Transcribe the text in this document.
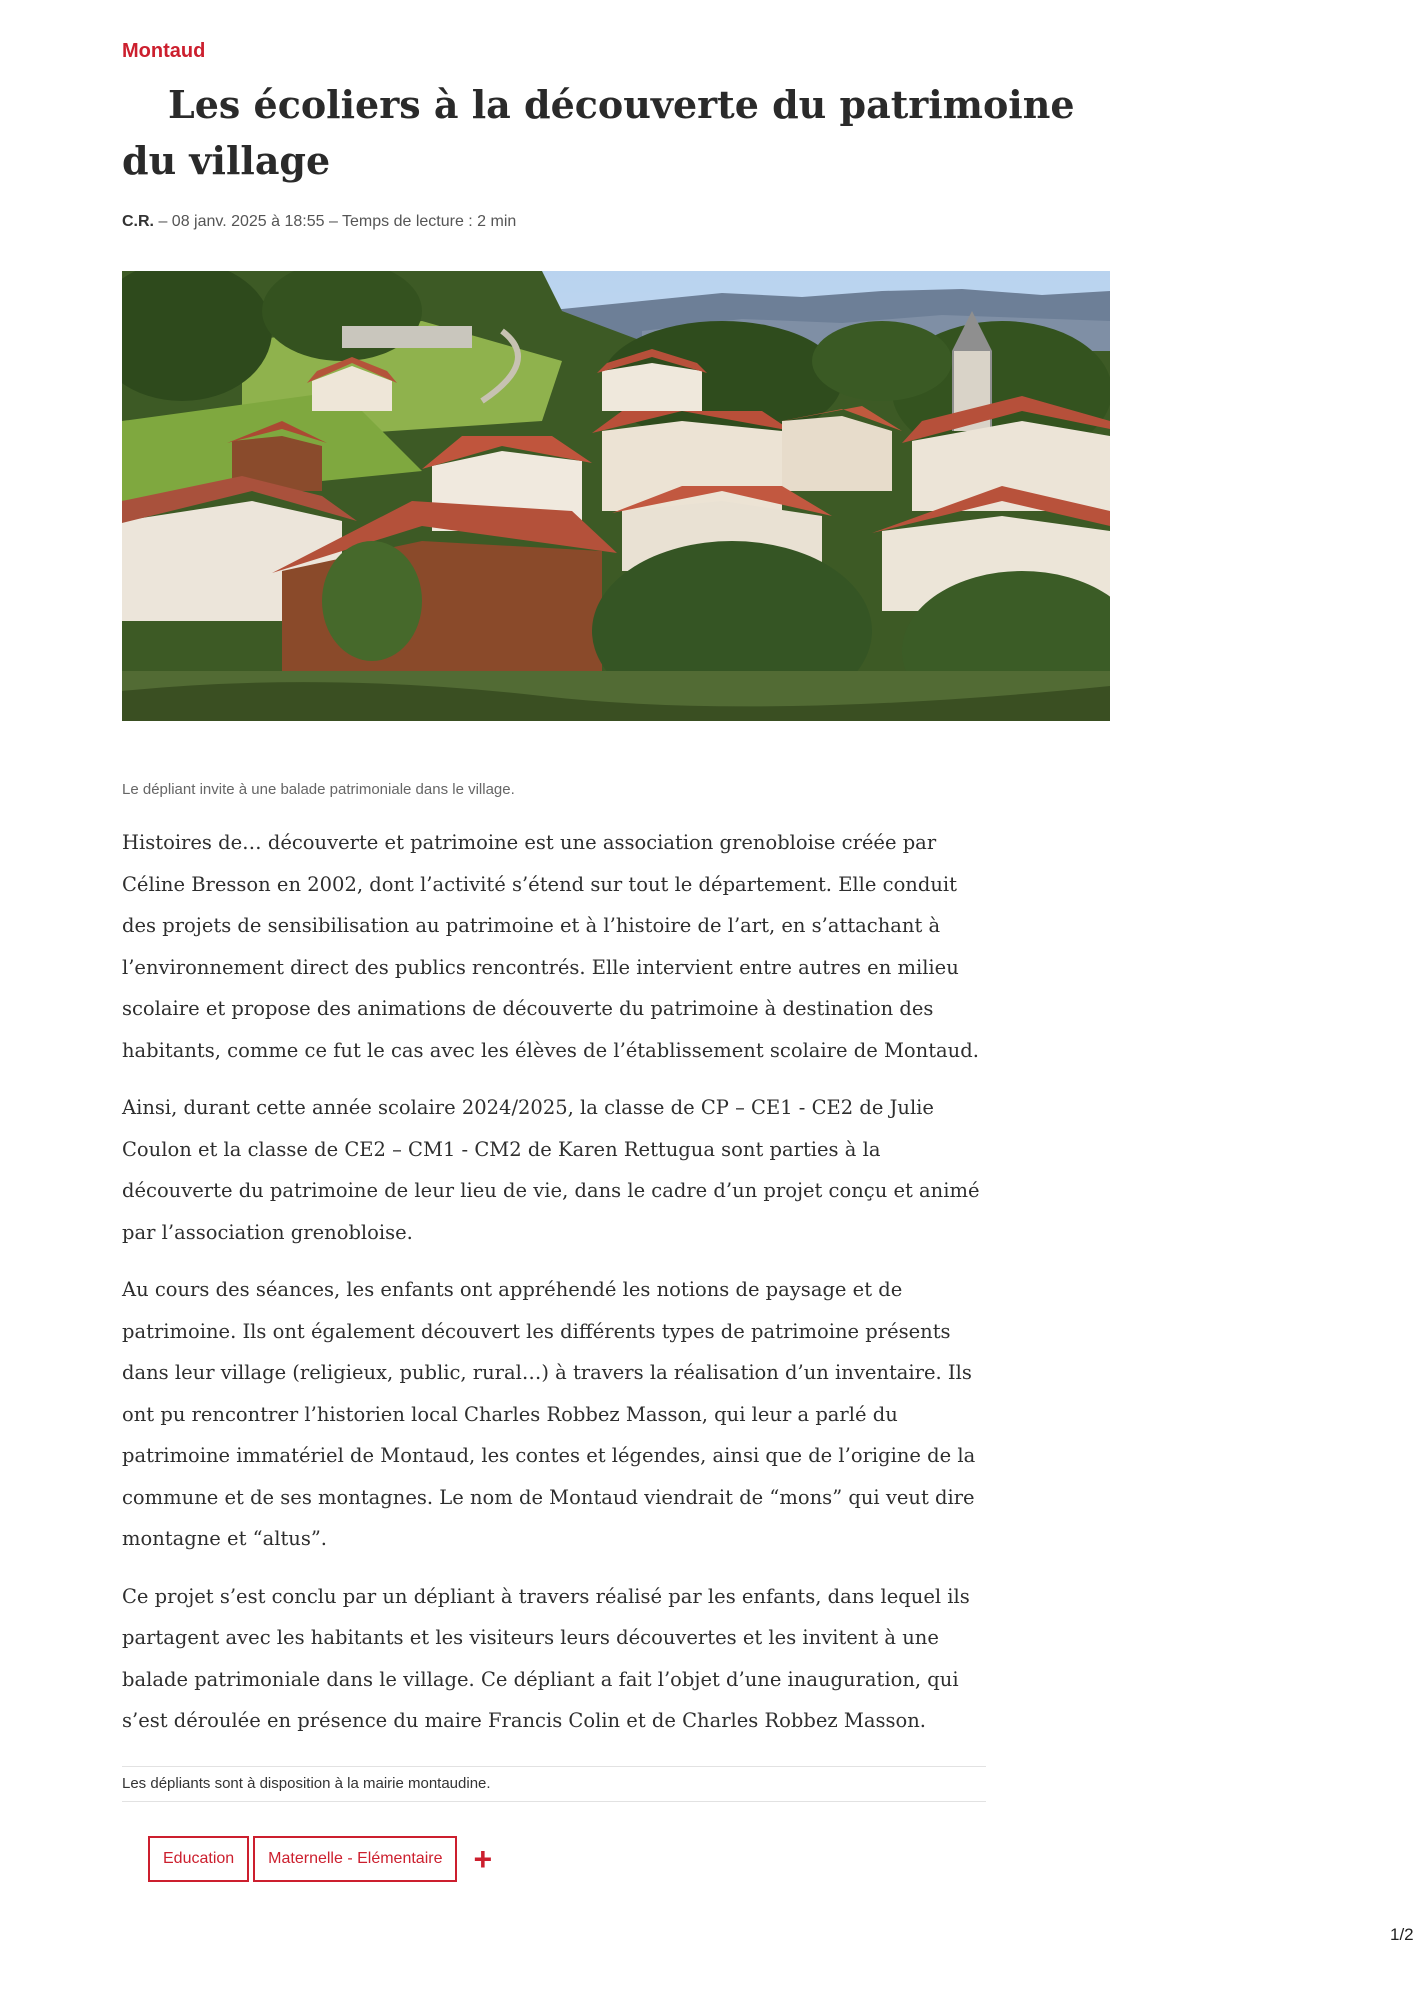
Montaud
Les écoliers à la découverte du patrimoine du village
C.R. – 08 janv. 2025 à 18:55 – Temps de lecture : 2 min
Le dépliant invite à une balade patrimoniale dans le village.

Histoires de… découverte et patrimoine est une association grenobloise créée par Céline Bresson en 2002, dont l’activité s’étend sur tout le département. Elle conduit des projets de sensibilisation au patrimoine et à l’histoire de l’art, en s’attachant à l’environnement direct des publics rencontrés. Elle intervient entre autres en milieu scolaire et propose des animations de découverte du patrimoine à destination des habitants, comme ce fut le cas avec les élèves de l’établissement scolaire de Montaud.

Ainsi, durant cette année scolaire 2024/2025, la classe de CP – CE1 - CE2 de Julie Coulon et la classe de CE2 – CM1 - CM2 de Karen Rettugua sont parties à la découverte du patrimoine de leur lieu de vie, dans le cadre d’un projet conçu et animé par l’association grenobloise.

Au cours des séances, les enfants ont appréhendé les notions de paysage et de patrimoine. Ils ont également découvert les différents types de patrimoine présents dans leur village (religieux, public, rural…) à travers la réalisation d’un inventaire. Ils ont pu rencontrer l’historien local Charles Robbez Masson, qui leur a parlé du patrimoine immatériel de Montaud, les contes et légendes, ainsi que de l’origine de la commune et de ses montagnes. Le nom de Montaud viendrait de “mons” qui veut dire montagne et “altus”.

Ce projet s’est conclu par un dépliant à travers réalisé par les enfants, dans lequel ils partagent avec les habitants et les visiteurs leurs découvertes et les invitent à une balade patrimoniale dans le village. Ce dépliant a fait l’objet d’une inauguration, qui s’est déroulée en présence du maire Francis Colin et de Charles Robbez Masson.

Les dépliants sont à disposition à la mairie montaudine.
Education	Maternelle - Elémentaire +
1/2
